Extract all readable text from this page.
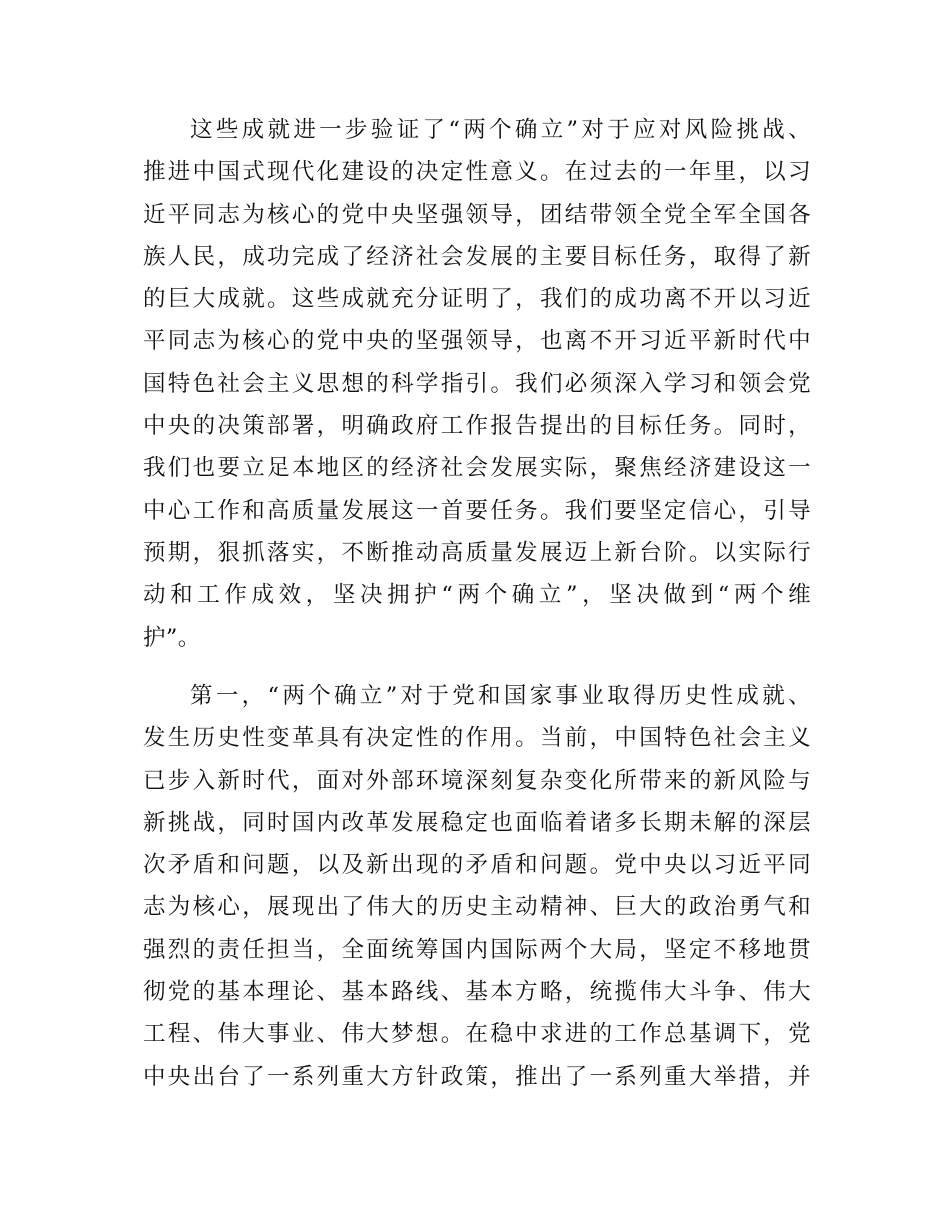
这些成就进一步验证了“两个确立”对于应对风险挑战、
推进中国式现代化建设的决定性意义。在过去的一年里，以习
近平同志为核心的党中央坚强领导，团结带领全党全军全国各
族人民，成功完成了经济社会发展的主要目标任务，取得了新
的巨大成就。这些成就充分证明了，我们的成功离不开以习近
平同志为核心的党中央的坚强领导，也离不开习近平新时代中
国特色社会主义思想的科学指引。我们必须深入学习和领会党
中央的决策部署，明确政府工作报告提出的目标任务。同时，
我们也要立足本地区的经济社会发展实际，聚焦经济建设这一
中心工作和高质量发展这一首要任务。我们要坚定信心，引导
预期，狠抓落实，不断推动高质量发展迈上新台阶。以实际行
动和工作成效，坚决拥护“两个确立”，坚决做到“两个维
护”。
第一，“两个确立”对于党和国家事业取得历史性成就、
发生历史性变革具有决定性的作用。当前，中国特色社会主义
已步入新时代，面对外部环境深刻复杂变化所带来的新风险与
新挑战，同时国内改革发展稳定也面临着诸多长期未解的深层
次矛盾和问题，以及新出现的矛盾和问题。党中央以习近平同
志为核心，展现出了伟大的历史主动精神、巨大的政治勇气和
强烈的责任担当，全面统筹国内国际两个大局，坚定不移地贯
彻党的基本理论、基本路线、基本方略，统揽伟大斗争、伟大
工程、伟大事业、伟大梦想。在稳中求进的工作总基调下，党
中央出台了一系列重大方针政策，推出了一系列重大举措，并
